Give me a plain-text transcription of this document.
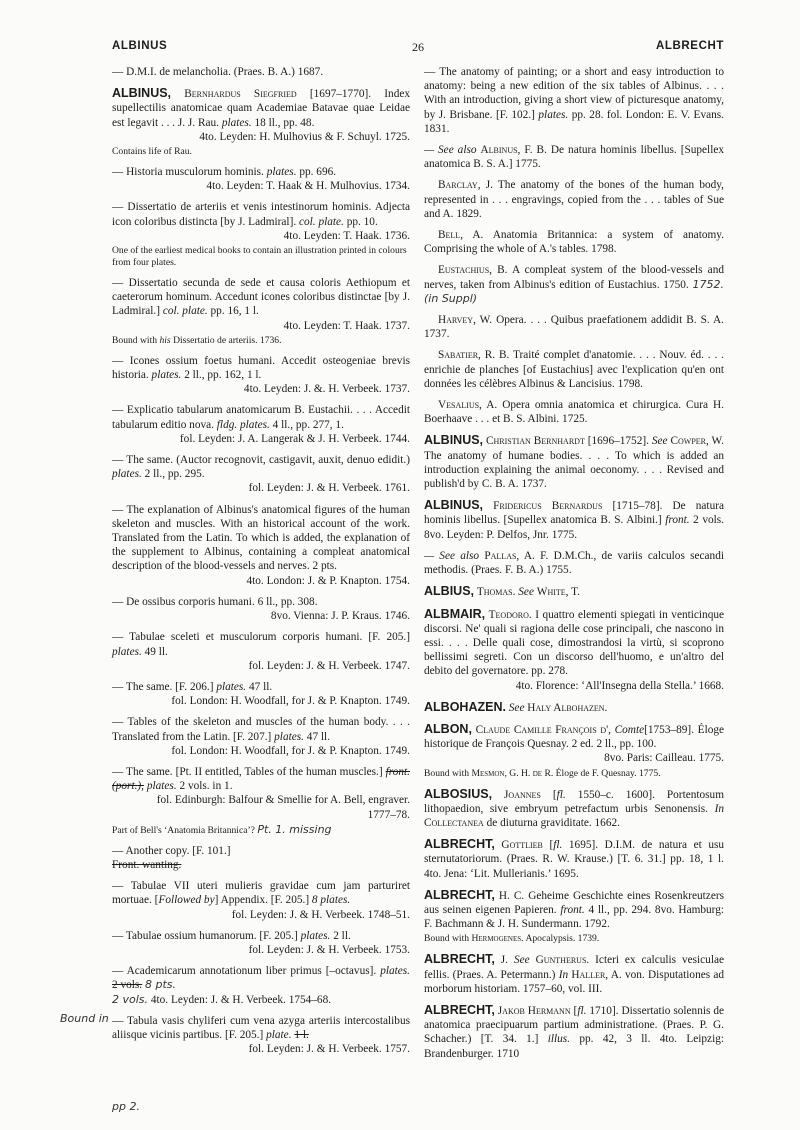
ALBINUS	26	ALBRECHT

— D.M.I. de melancholia. (Praes. B. A.) 1687.

ALBINUS, Bernhardus Siegfried [1697–1770]. Index supellectilis anatomicae quam Academiae Batavae quae Leidae est legavit . . . J. J. Rau. plates. 18 ll., pp. 48.

4to. Leyden: H. Mulhovius & F. Schuyl. 1725.
Contains life of Rau.

— Historia musculorum hominis. plates. pp. 696.

4to. Leyden: T. Haak & H. Mulhovius. 1734.

— Dissertatio de arteriis et venis intestinorum hominis. Adjecta icon coloribus distincta [by J. Ladmiral]. col. plate. pp. 10.

4to. Leyden: T. Haak. 1736.
One of the earliest medical books to contain an illustration printed in colours from four plates.

— Dissertatio secunda de sede et causa coloris Aethiopum et caeterorum hominum. Accedunt icones coloribus distinctae [by J. Ladmiral.] col. plate. pp. 16, 1 l.

4to. Leyden: T. Haak. 1737.
Bound with his Dissertatio de arteriis. 1736.

— Icones ossium foetus humani. Accedit osteogeniae brevis historia. plates. 2 ll., pp. 162, 1 l.

4to. Leyden: J. &. H. Verbeek. 1737.

— Explicatio tabularum anatomicarum B. Eustachii. . . . Accedit tabularum editio nova. fldg. plates. 4 ll., pp. 277, 1.

fol. Leyden: J. A. Langerak & J. H. Verbeek. 1744.

— The same. (Auctor recognovit, castigavit, auxit, denuo edidit.) plates. 2 ll., pp. 295.

fol. Leyden: J. & H. Verbeek. 1761.

— The explanation of Albinus's anatomical figures of the human skeleton and muscles. With an historical account of the work. Translated from the Latin. To which is added, the explanation of the supplement to Albinus, containing a compleat anatomical description of the blood-vessels and nerves. 2 pts.

4to. London: J. & P. Knapton. 1754.

— De ossibus corporis humani. 6 ll., pp. 308.

8vo. Vienna: J. P. Kraus. 1746.

— Tabulae sceleti et musculorum corporis humani. [F. 205.] plates. 49 ll.

fol. Leyden: J. & H. Verbeek. 1747.

— The same. [F. 206.] plates. 47 ll.

fol. London: H. Woodfall, for J. & P. Knapton. 1749.

— Tables of the skeleton and muscles of the human body. . . . Translated from the Latin. [F. 207.] plates. 47 ll.

fol. London: H. Woodfall, for J. & P. Knapton. 1749.

— The same. [Pt. II entitled, Tables of the human muscles.] front. (port.), plates. 2 vols. in 1.

fol. Edinburgh: Balfour & Smellie for A. Bell, engraver.
1777–78.
Part of Bell's ‘Anatomia Britannica’? Pt. 1. missing

— Another copy. [F. 101.]

Front. wanting.

— Tabulae VII uteri mulieris gravidae cum jam parturiret mortuae. [Followed by] Appendix. [F. 205.] 8 plates.

fol. Leyden: J. & H. Verbeek. 1748–51.

— Tabulae ossium humanorum. [F. 205.] plates. 2 ll.

fol. Leyden: J. & H. Verbeek. 1753.

— Academicarum annotationum liber primus [–octavus]. plates. 2 vols. 8 pts.

2 vols. 4to. Leyden: J. & H. Verbeek. 1754–68.

— Tabula vasis chyliferi cum vena azyga arteriis intercostalibus aliisque vicinis partibus. [F. 205.] plate. 1 l.

fol. Leyden: J. & H. Verbeek. 1757.
Bound in
pp 2.

— The anatomy of painting; or a short and easy introduction to anatomy: being a new edition of the six tables of Albinus. . . . With an introduction, giving a short view of picturesque anatomy, by J. Brisbane. [F. 102.] plates. pp. 28. fol. London: E. V. Evans. 1831.

— See also Albinus, F. B. De natura hominis libellus. [Supellex anatomica B. S. A.] 1775.

Barclay, J. The anatomy of the bones of the human body, represented in . . . engravings, copied from the . . . tables of Sue and A. 1829.

Bell, A. Anatomia Britannica: a system of anatomy. Comprising the whole of A.'s tables. 1798.

Eustachius, B. A compleat system of the blood-vessels and nerves, taken from Albinus's edition of Eustachius. 1750. 1752. (in Suppl)

Harvey, W. Opera. . . . Quibus praefationem addidit B. S. A. 1737.

Sabatier, R. B. Traité complet d'anatomie. . . . Nouv. éd. . . . enrichie de planches [of Eustachius] avec l'explication qu'en ont données les célèbres Albinus & Lancisius. 1798.

Vesalius, A. Opera omnia anatomica et chirurgica. Cura H. Boerhaave . . . et B. S. Albini. 1725.

ALBINUS, Christian Bernhardt [1696–1752]. See Cowper, W. The anatomy of humane bodies. . . . To which is added an introduction explaining the animal oeconomy. . . . Revised and publish'd by C. B. A. 1737.

ALBINUS, Fridericus Bernardus [1715–78]. De natura hominis libellus. [Supellex anatomica B. S. Albini.] front. 2 vols. 8vo. Leyden: P. Delfos, Jnr. 1775.

— See also Pallas, A. F. D.M.Ch., de variis calculos secandi methodis. (Praes. F. B. A.) 1755.

ALBIUS, Thomas. See White, T.

ALBMAIR, Teodoro. I quattro elementi spiegati in venticinque discorsi. Ne' quali si ragiona delle cose principali, che nascono in essi. . . . Delle quali cose, dimostrandosi la virtù, si scoprono bellissimi segreti. Con un discorso dell'huomo, e un'altro del debito del governatore. pp. 278.

4to. Florence: ‘All'Insegna della Stella.’ 1668.

ALBOHAZEN. See Haly Albohazen.

ALBON, Claude Camille François d', Comte[1753–89]. Éloge historique de François Quesnay. 2 ed. 2 ll., pp. 100.

8vo. Paris: Cailleau. 1775.
Bound with Mesmon, G. H. de R. Éloge de F. Quesnay. 1775.

ALBOSIUS, Joannes [fl. 1550–c. 1600]. Portentosum lithopaedion, sive embryum petrefactum urbis Senonensis. In Collectanea de diuturna graviditate. 1662.

ALBRECHT, Gottlieb [fl. 1695]. D.I.M. de natura et usu sternutatoriorum. (Praes. R. W. Krause.) [T. 6. 31.] pp. 18, 1 l. 4to. Jena: ‘Lit. Mullerianis.’ 1695.

ALBRECHT, H. C. Geheime Geschichte eines Rosenkreutzers aus seinen eigenen Papieren. front. 4 ll., pp. 294. 8vo. Hamburg: F. Bachmann & J. H. Sundermann. 1792.

Bound with Hermogenes. Apocalypsis. 1739.

ALBRECHT, J. See Guntherus. Icteri ex calculis vesiculae fellis. (Praes. A. Petermann.) In Haller, A. von. Disputationes ad morborum historiam. 1757–60, vol. III.

ALBRECHT, Jakob Hermann [fl. 1710]. Dissertatio solennis de anatomica praecipuarum partium administratione. (Praes. P. G. Schacher.) [T. 34. 1.] illus. pp. 42, 3 ll. 4to. Leipzig: Brandenburger. 1710
